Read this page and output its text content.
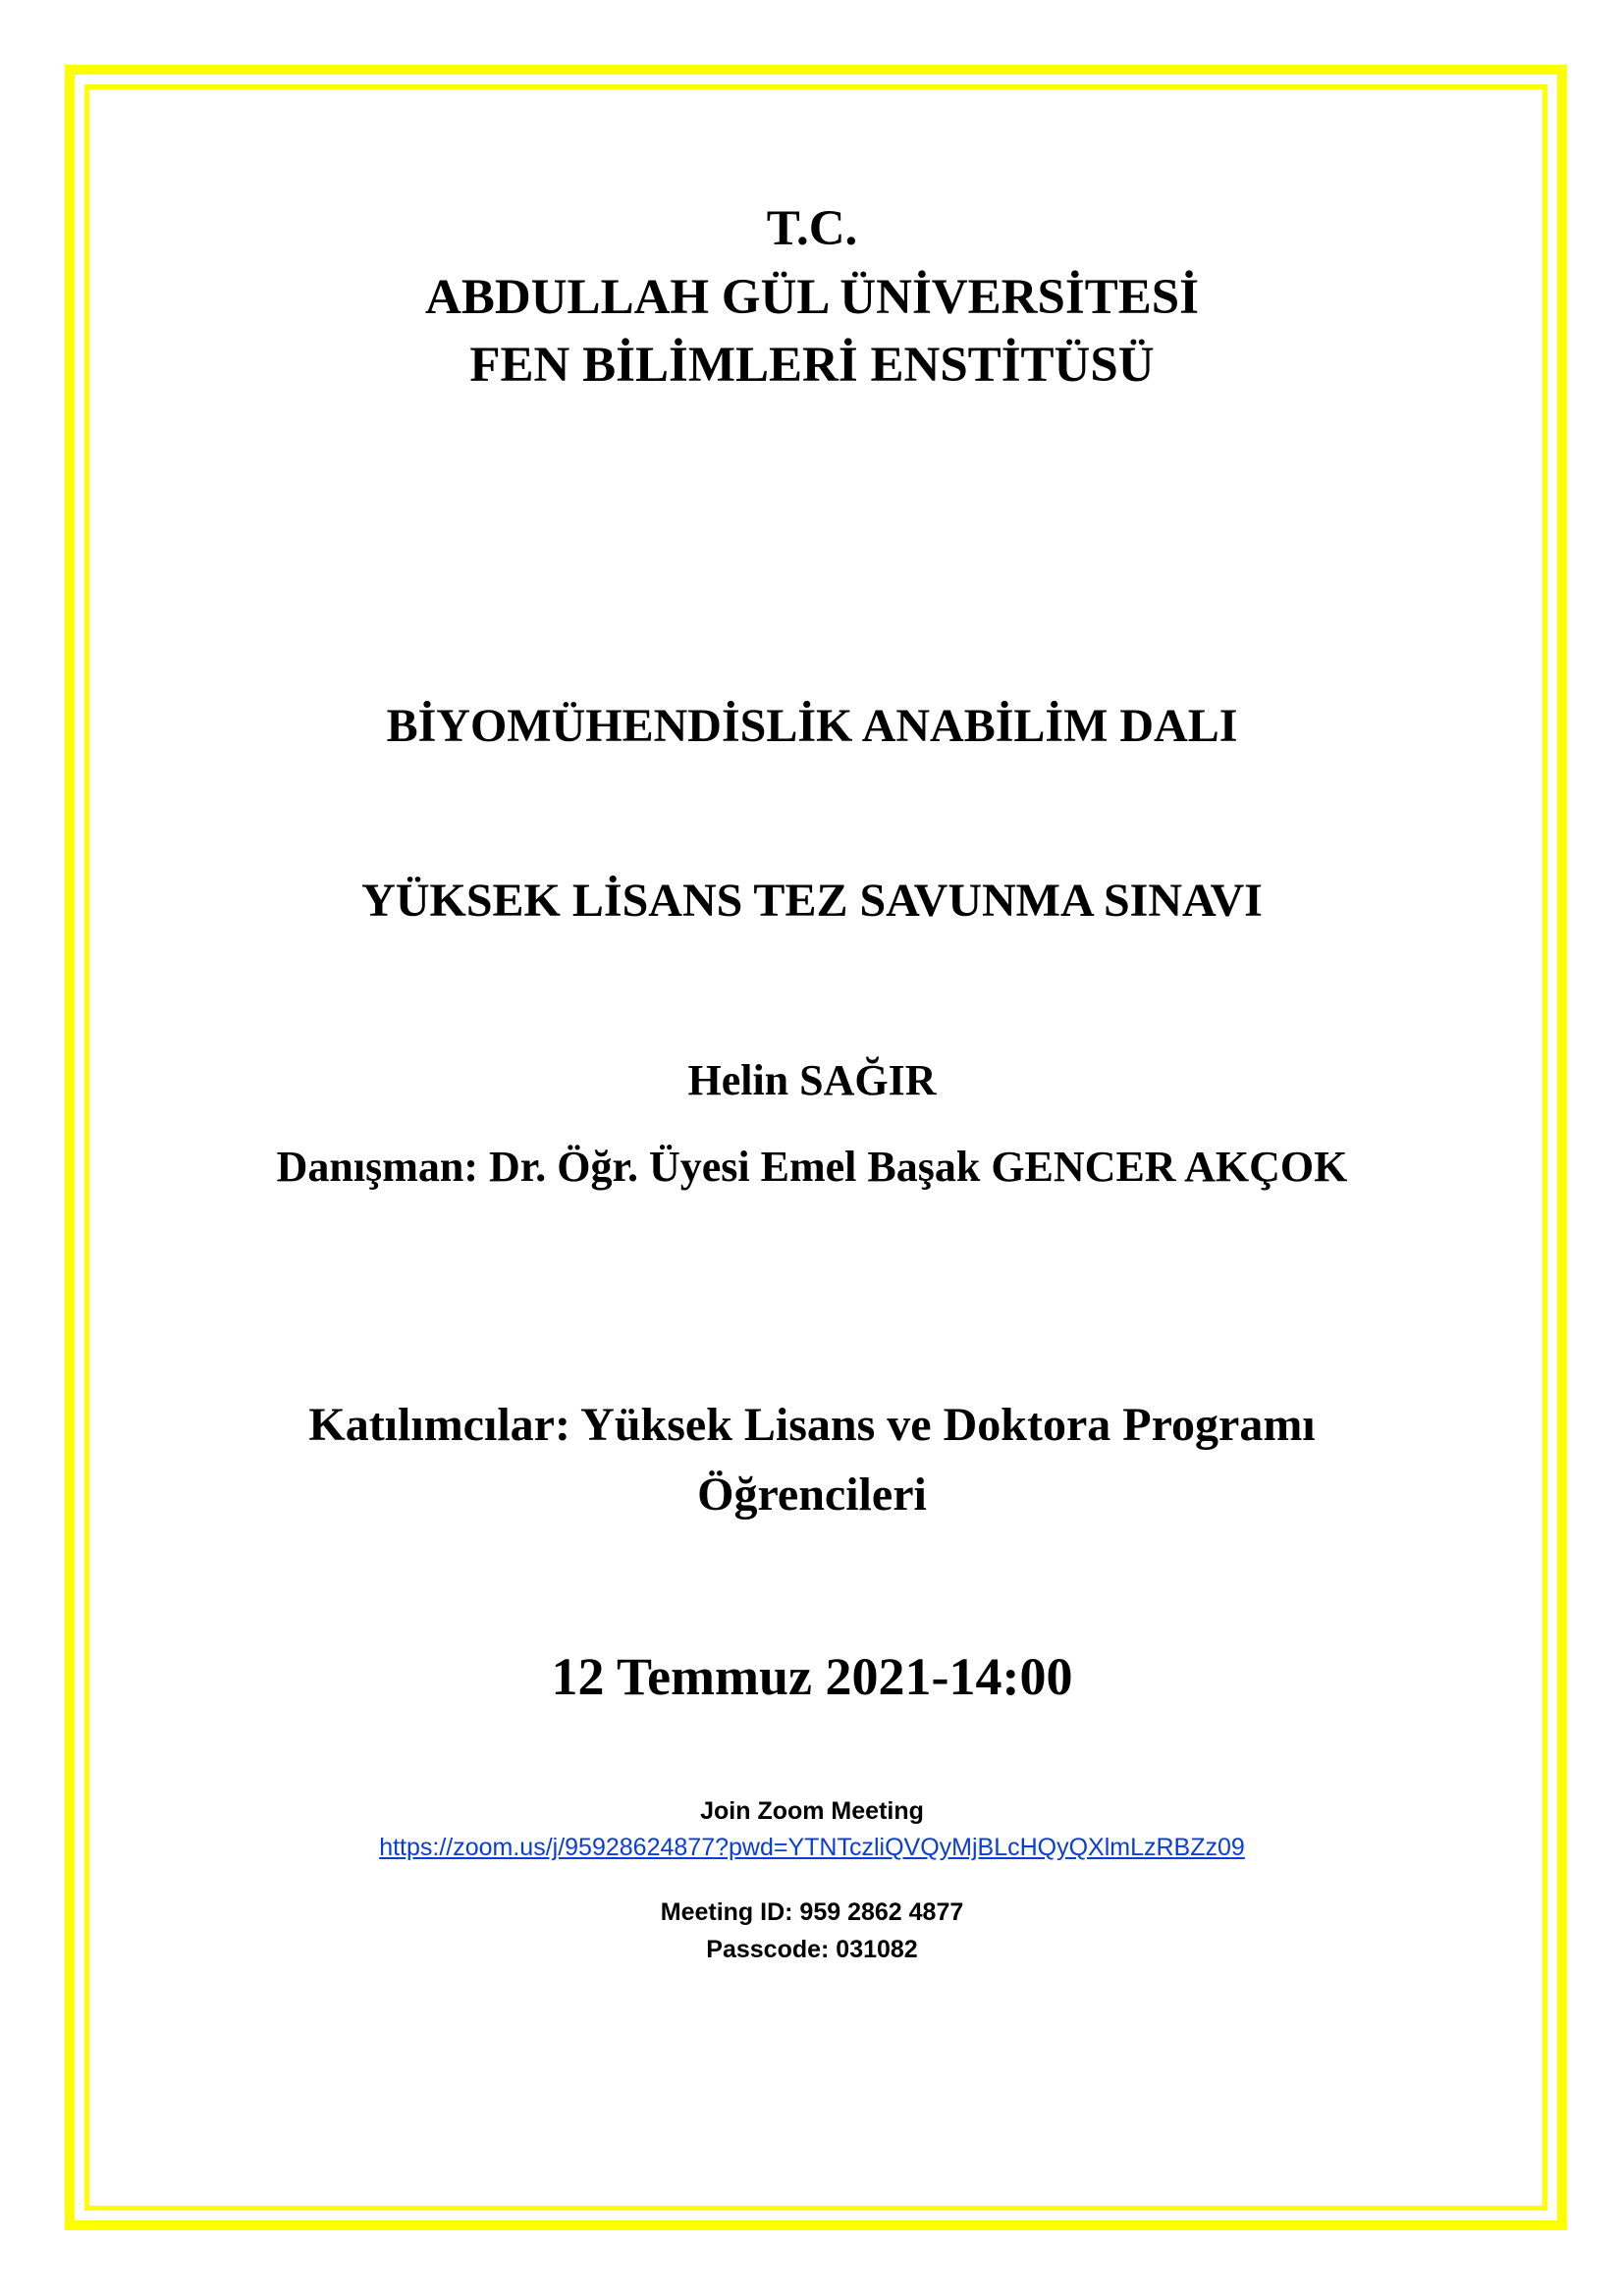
T.C.
ABDULLAH GÜL ÜNİVERSİTESİ
FEN BİLİMLERİ ENSTİTÜSÜ
BİYOMÜHENDİSLİK ANABİLİM DALI
YÜKSEK LİSANS TEZ SAVUNMA SINAVI
Helin SAĞIR
Danışman: Dr. Öğr. Üyesi Emel Başak GENCER AKÇOK
Katılımcılar: Yüksek Lisans ve Doktora Programı
Öğrencileri
12 Temmuz 2021-14:00
Join Zoom Meeting
https://zoom.us/j/95928624877?pwd=YTNTczliQVQyMjBLcHQyQXlmLzRBZz09
Meeting ID: 959 2862 4877
Passcode: 031082
